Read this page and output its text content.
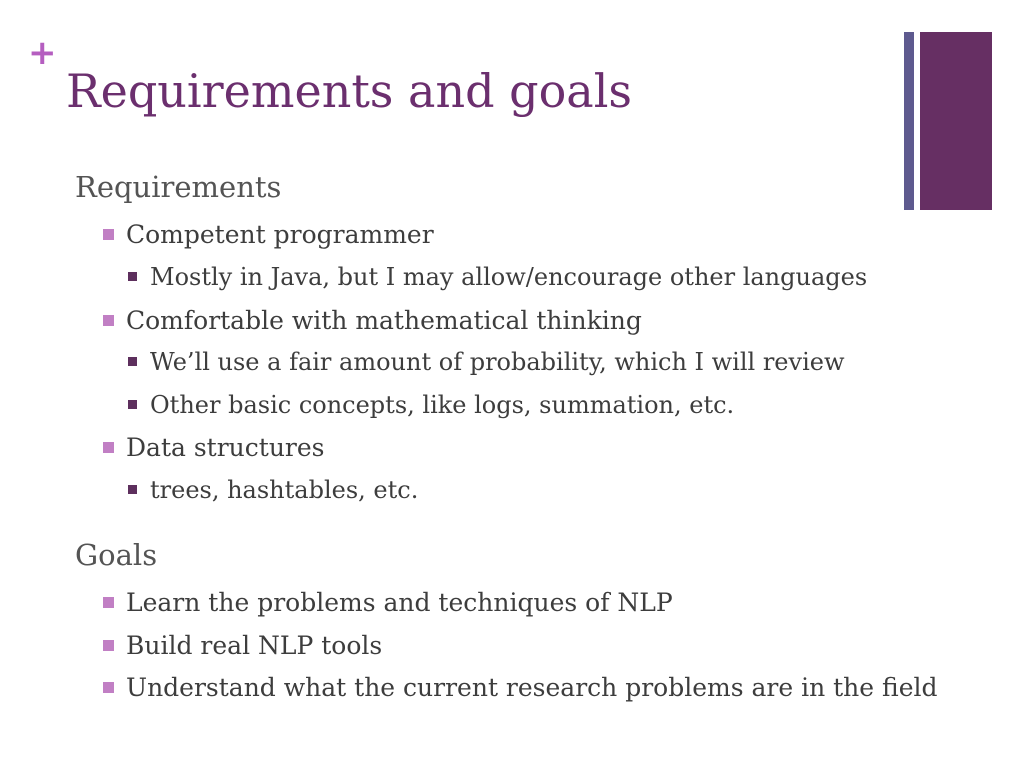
+
Requirements and goals
Requirements
Competent programmer
Mostly in Java, but I may allow/encourage other languages
Comfortable with mathematical thinking
We’ll use a fair amount of probability, which I will review
Other basic concepts, like logs, summation, etc.
Data structures
trees, hashtables, etc.
Goals
Learn the problems and techniques of NLP
Build real NLP tools
Understand what the current research problems are in the field
